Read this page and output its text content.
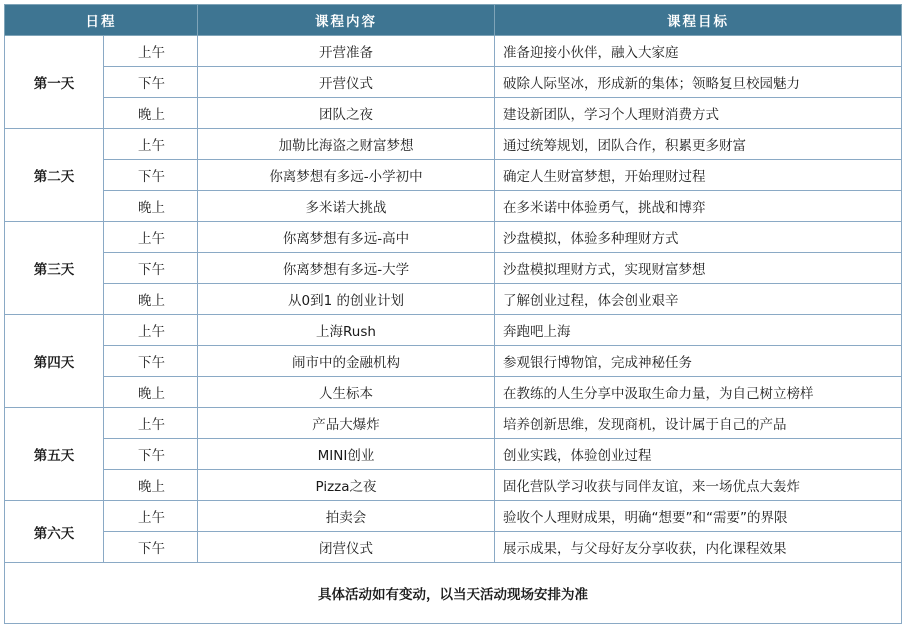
日程		课程内容	课程目标
第一天	上午	开营准备	准备迎接小伙伴，融入大家庭
	下午	开营仪式	破除人际坚冰，形成新的集体；领略复旦校园魅力
	晚上	团队之夜	建设新团队，学习个人理财消费方式
第二天	上午	加勒比海盗之财富梦想	通过统筹规划，团队合作，积累更多财富
	下午	你离梦想有多远-小学初中	确定人生财富梦想，开始理财过程
	晚上	多米诺大挑战	在多米诺中体验勇气，挑战和博弈
第三天	上午	你离梦想有多远-高中	沙盘模拟，体验多种理财方式
	下午	你离梦想有多远-大学	沙盘模拟理财方式，实现财富梦想
	晚上	从0到1 的创业计划	了解创业过程，体会创业艰辛
第四天	上午	上海Rush	奔跑吧上海
	下午	闹市中的金融机构	参观银行博物馆，完成神秘任务
	晚上	人生标本	在教练的人生分享中汲取生命力量，为自己树立榜样
第五天	上午	产品大爆炸	培养创新思维，发现商机，设计属于自己的产品
	下午	MINI创业	创业实践，体验创业过程
	晚上	Pizza之夜	固化营队学习收获与同伴友谊，来一场优点大轰炸
第六天	上午	拍卖会	验收个人理财成果，明确“想要”和“需要”的界限
	下午	闭营仪式	展示成果，与父母好友分享收获，内化课程效果
具体活动如有变动，以当天活动现场安排为准			
